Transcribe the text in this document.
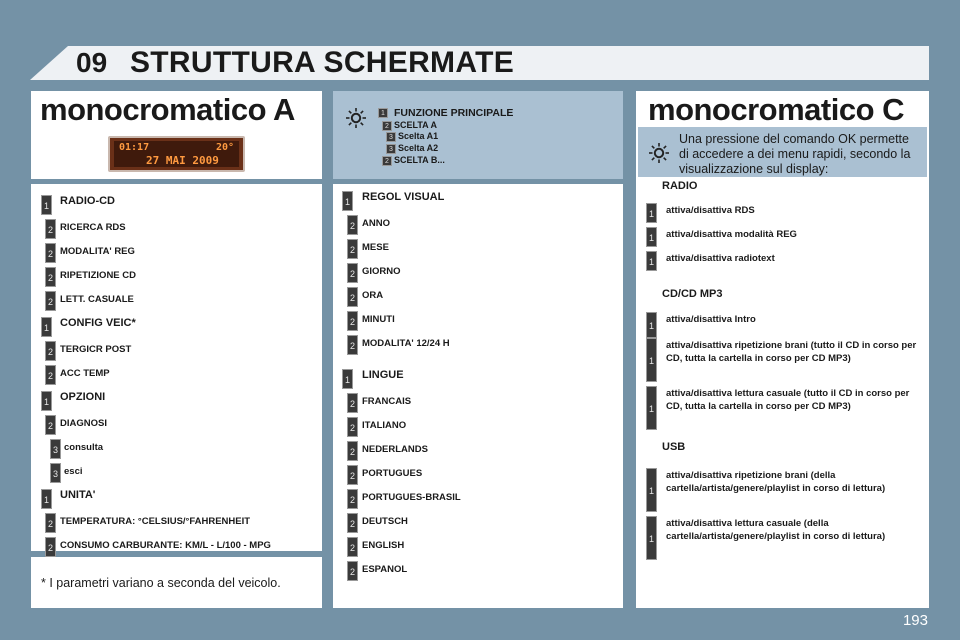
09 STRUTTURA SCHERMATE
monocromatico A
01:17	20°
27 MAI 2009
* I parametri variano a seconda del veicolo.
monocromatico C
Una pressione del comando OK permette di accedere a dei menu rapidi, secondo la visualizzazione sul display:
193
1 RADIO-CD
2 RICERCA RDS
2 MODALITA' REG
2 RIPETIZIONE CD
2 LETT. CASUALE
1 CONFIG VEIC*
2 TERGICR POST
2 ACC TEMP
1 OPZIONI
2 DIAGNOSI
3 consulta
3 esci
1 UNITA'
2 TEMPERATURA: °CELSIUS/°FAHRENHEIT
2 CONSUMO CARBURANTE: KM/L - L/100 - MPG
1 FUNZIONE PRINCIPALE
2 SCELTA A
3 Scelta A1
3 Scelta A2
2 SCELTA B...
1 REGOL VISUAL
2 ANNO
2 MESE
2 GIORNO
2 ORA
2 MINUTI
2 MODALITA' 12/24 H
1 LINGUE
2 FRANCAIS
2 ITALIANO
2 NEDERLANDS
2 PORTUGUES
2 PORTUGUES-BRASIL
2 DEUTSCH
2 ENGLISH
2 ESPANOL
RADIO
1	attiva/disattiva RDS
1	attiva/disattiva modalità REG
1	attiva/disattiva radiotext
CD/CD MP3
1
attiva/disattiva Intro
1
attiva/disattiva ripetizione brani (tutto il CD in corso per CD, tutta la cartella in corso per CD MP3)
1
attiva/disattiva lettura casuale (tutto il CD in corso per CD, tutta la cartella in corso per CD MP3)
USB
1
attiva/disattiva ripetizione brani (della cartella/artista/genere/playlist in corso di lettura)
1
attiva/disattiva lettura casuale (della cartella/artista/genere/playlist in corso di lettura)
